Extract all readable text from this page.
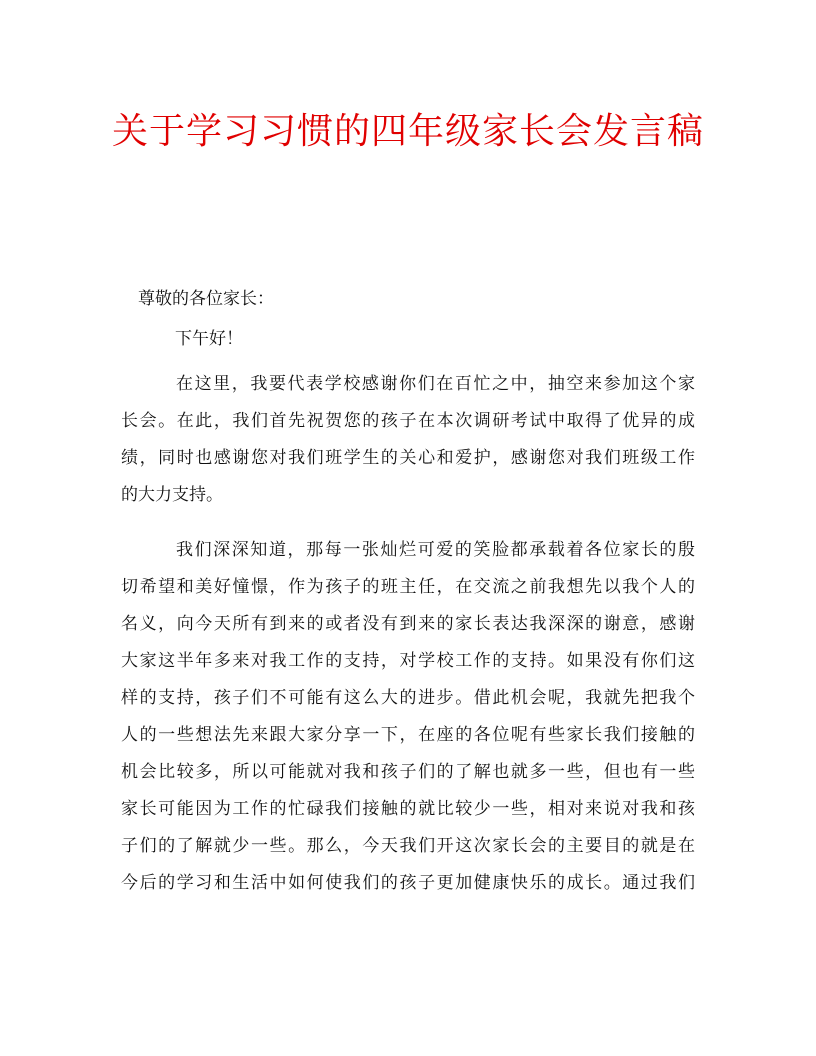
关于学习习惯的四年级家长会发言稿

尊敬的各位家长：

下午好！

在这里，我要代表学校感谢你们在百忙之中，抽空来参加这个家
长会。在此，我们首先祝贺您的孩子在本次调研考试中取得了优异的成
绩，同时也感谢您对我们班学生的关心和爱护，感谢您对我们班级工作
的大力支持。
我们深深知道，那每一张灿烂可爱的笑脸都承载着各位家长的殷
切希望和美好憧憬，作为孩子的班主任，在交流之前我想先以我个人的
名义，向今天所有到来的或者没有到来的家长表达我深深的谢意，感谢
大家这半年多来对我工作的支持，对学校工作的支持。如果没有你们这
样的支持，孩子们不可能有这么大的进步。借此机会呢，我就先把我个
人的一些想法先来跟大家分享一下，在座的各位呢有些家长我们接触的
机会比较多，所以可能就对我和孩子们的了解也就多一些，但也有一些
家长可能因为工作的忙碌我们接触的就比较少一些，相对来说对我和孩
子们的了解就少一些。那么，今天我们开这次家长会的主要目的就是在
今后的学习和生活中如何使我们的孩子更加健康快乐的成长。通过我们
